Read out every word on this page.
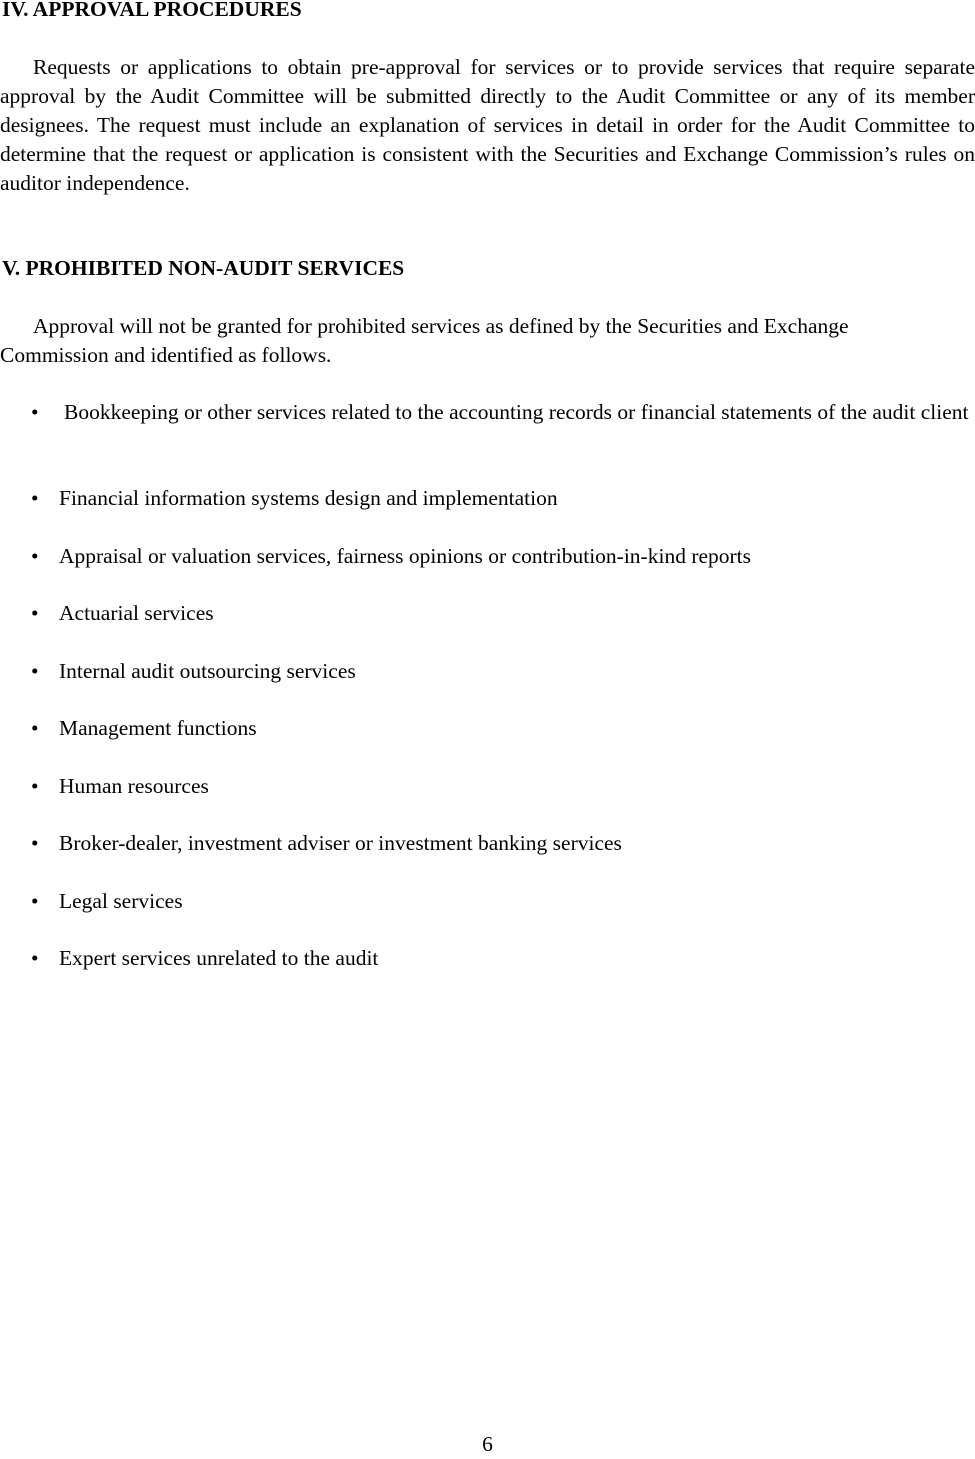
IV. APPROVAL PROCEDURES
Requests or applications to obtain pre-approval for services or to provide services that require separate approval by the Audit Committee will be submitted directly to the Audit Committee or any of its member designees. The request must include an explanation of services in detail in order for the Audit Committee to determine that the request or application is consistent with the Securities and Exchange Commission’s rules on auditor independence.
V. PROHIBITED NON-AUDIT SERVICES
Approval will not be granted for prohibited services as defined by the Securities and Exchange Commission and identified as follows.
• Bookkeeping or other services related to the accounting records or financial statements of the audit client
• Financial information systems design and implementation
• Appraisal or valuation services, fairness opinions or contribution-in-kind reports
• Actuarial services
• Internal audit outsourcing services
• Management functions
• Human resources
• Broker-dealer, investment adviser or investment banking services
• Legal services
• Expert services unrelated to the audit
6
